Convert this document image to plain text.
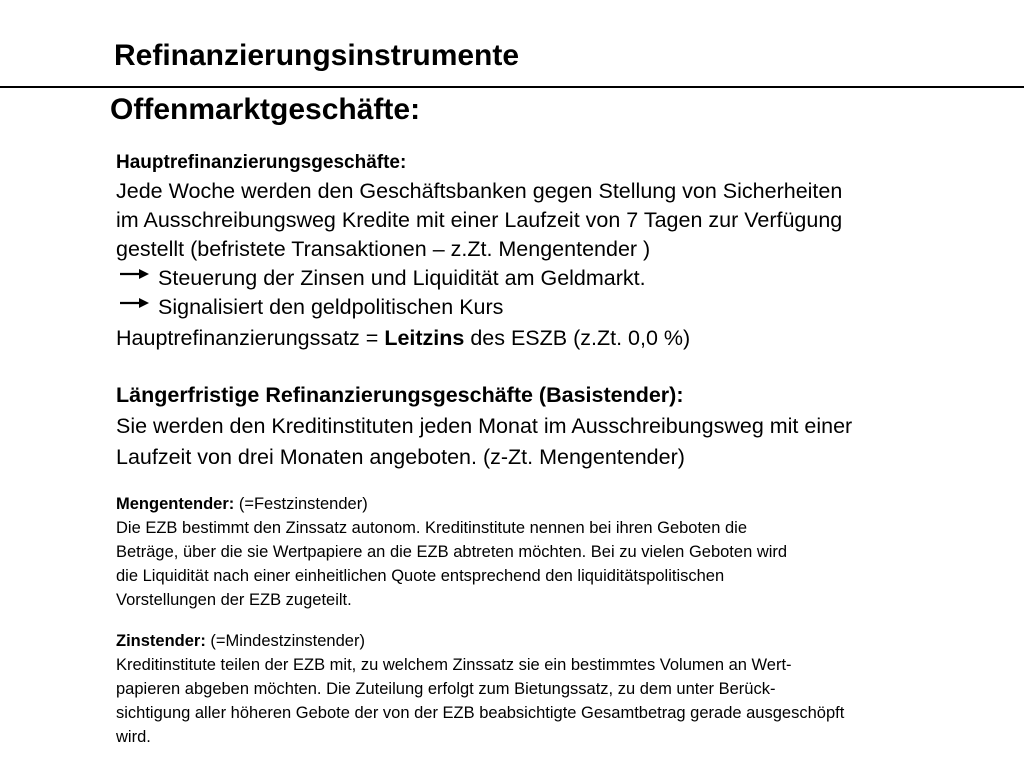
Refinanzierungsinstrumente
Offenmarktgeschäfte:
Hauptrefinanzierungsgeschäfte:
Jede Woche werden den Geschäftsbanken gegen Stellung von Sicherheiten
im Ausschreibungsweg Kredite mit einer Laufzeit von 7 Tagen zur Verfügung
gestellt (befristete Transaktionen – z.Zt. Mengentender )
Steuerung der Zinsen und Liquidität am Geldmarkt.
Signalisiert den geldpolitischen Kurs
Hauptrefinanzierungssatz = Leitzins des ESZB (z.Zt. 0,0 %)
Längerfristige Refinanzierungsgeschäfte (Basistender):
Sie werden den Kreditinstituten jeden Monat im Ausschreibungsweg mit einer
Laufzeit von drei Monaten angeboten. (z-Zt. Mengentender)
Mengentender: (=Festzinstender)
Die EZB bestimmt den Zinssatz autonom. Kreditinstitute nennen bei ihren Geboten die
Beträge, über die sie Wertpapiere an die EZB abtreten möchten. Bei zu vielen Geboten wird
die Liquidität nach einer einheitlichen Quote entsprechend den liquiditätspolitischen
Vorstellungen der EZB zugeteilt.
Zinstender: (=Mindestzinstender)
Kreditinstitute teilen der EZB mit, zu welchem Zinssatz sie ein bestimmtes Volumen an Wert-
papieren abgeben möchten. Die Zuteilung erfolgt zum Bietungssatz, zu dem unter Berück-
sichtigung aller höheren Gebote der von der EZB beabsichtigte Gesamtbetrag gerade ausgeschöpft
wird.
